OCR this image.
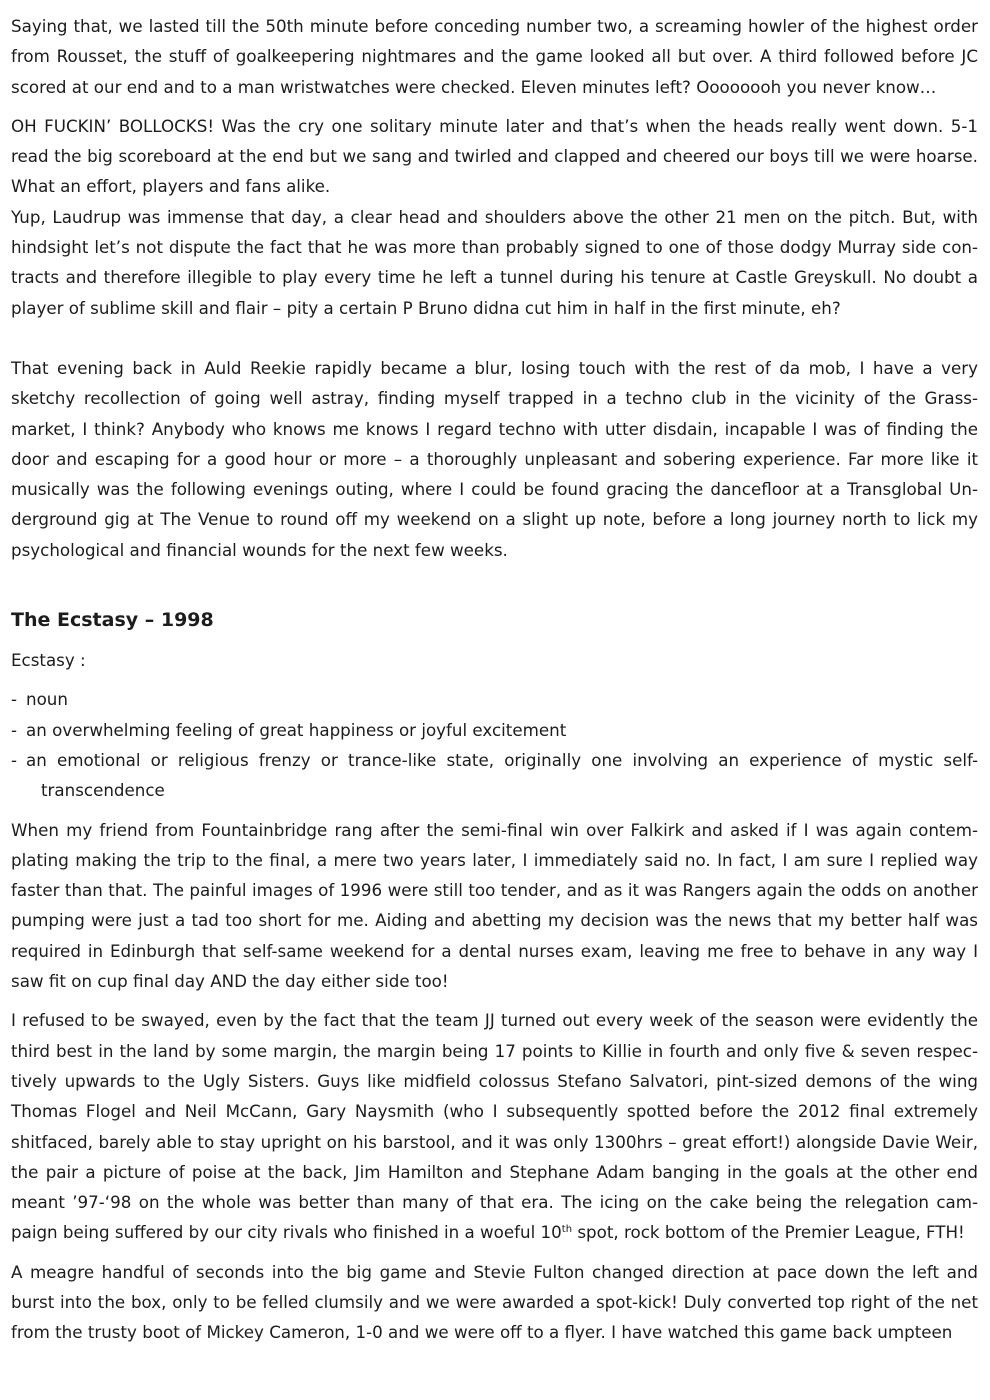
Saying that, we lasted till the 50th minute before conceding number two, a screaming howler of the highest order from Rousset, the stuff of goalkeepering nightmares and the game looked all but over. A third followed before JC scored at our end and to a man wristwatches were checked. Eleven minutes left? Oooooooh you never know…

OH FUCKIN’ BOLLOCKS! Was the cry one solitary minute later and that’s when the heads really went down. 5-1 read the big scoreboard at the end but we sang and twirled and clapped and cheered our boys till we were hoarse. What an effort, players and fans alike.

Yup, Laudrup was immense that day, a clear head and shoulders above the other 21 men on the pitch. But, with hindsight let’s not dispute the fact that he was more than probably signed to one of those dodgy Murray side con-tracts and therefore illegible to play every time he left a tunnel during his tenure at Castle Greyskull. No doubt a player of sublime skill and flair – pity a certain P Bruno didna cut him in half in the first minute, eh?

That evening back in Auld Reekie rapidly became a blur, losing touch with the rest of da mob, I have a very sketchy recollection of going well astray, finding myself trapped in a techno club in the vicinity of the Grass-market, I think? Anybody who knows me knows I regard techno with utter disdain, incapable I was of finding the door and escaping for a good hour or more – a thoroughly unpleasant and sobering experience. Far more like it musically was the following evenings outing, where I could be found gracing the dancefloor at a Transglobal Un-derground gig at The Venue to round off my weekend on a slight up note, before a long journey north to lick my psychological and financial wounds for the next few weeks.

The Ecstasy – 1998

Ecstasy :

- noun
- an overwhelming feeling of great happiness or joyful excitement
- an emotional or religious frenzy or trance-like state, originally one involving an experience of mystic self-transcendence

When my friend from Fountainbridge rang after the semi-final win over Falkirk and asked if I was again contem-plating making the trip to the final, a mere two years later, I immediately said no. In fact, I am sure I replied way faster than that. The painful images of 1996 were still too tender, and as it was Rangers again the odds on another pumping were just a tad too short for me. Aiding and abetting my decision was the news that my better half was required in Edinburgh that self-same weekend for a dental nurses exam, leaving me free to behave in any way I saw fit on cup final day AND the day either side too!

I refused to be swayed, even by the fact that the team JJ turned out every week of the season were evidently the third best in the land by some margin, the margin being 17 points to Killie in fourth and only five & seven respec-tively upwards to the Ugly Sisters. Guys like midfield colossus Stefano Salvatori, pint-sized demons of the wing Thomas Flogel and Neil McCann, Gary Naysmith (who I subsequently spotted before the 2012 final extremely shitfaced, barely able to stay upright on his barstool, and it was only 1300hrs – great effort!) alongside Davie Weir, the pair a picture of poise at the back, Jim Hamilton and Stephane Adam banging in the goals at the other end meant ’97-‘98 on the whole was better than many of that era. The icing on the cake being the relegation cam-paign being suffered by our city rivals who finished in a woeful 10th spot, rock bottom of the Premier League, FTH!

A meagre handful of seconds into the big game and Stevie Fulton changed direction at pace down the left and burst into the box, only to be felled clumsily and we were awarded a spot-kick! Duly converted top right of the net from the trusty boot of Mickey Cameron, 1-0 and we were off to a flyer. I have watched this game back umpteen
